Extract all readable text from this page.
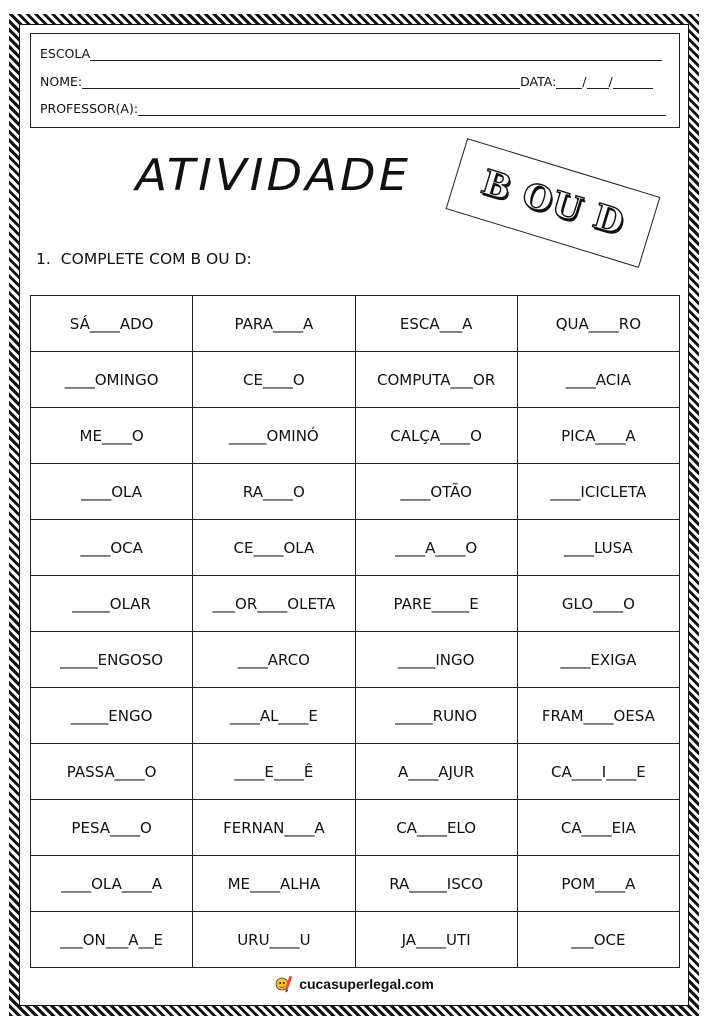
ESCOLA
NOME:	DATA: / /
PROFESSOR(A):
ATIVIDADE B OU D
1. COMPLETE COM B OU D:
SÁ____ADO	PARA____A	ESCA___A	QUA____RO
____OMINGO	CE____O	COMPUTA___OR	____ACIA
ME____O	_____OMINÓ	CALÇA____O	PICA____A
____OLA	RA____O	____OTÃO	____ICICLETA
____OCA	CE____OLA	____A____O	____LUSA
_____OLAR	___OR____OLETA	PARE_____E	GLO____O
_____ENGOSO	____ARCO	_____INGO	____EXIGA
_____ENGO	____AL____E	_____RUNO	FRAM____OESA
PASSA____O	____E____Ê	A____AJUR	CA____I____E
PESA____O	FERNAN____A	CA____ELO	CA____EIA
____OLA____A	ME____ALHA	RA_____ISCO	POM____A
___ON___A__E	URU____U	JA____UTI	___OCE
cucasuperlegal.com
